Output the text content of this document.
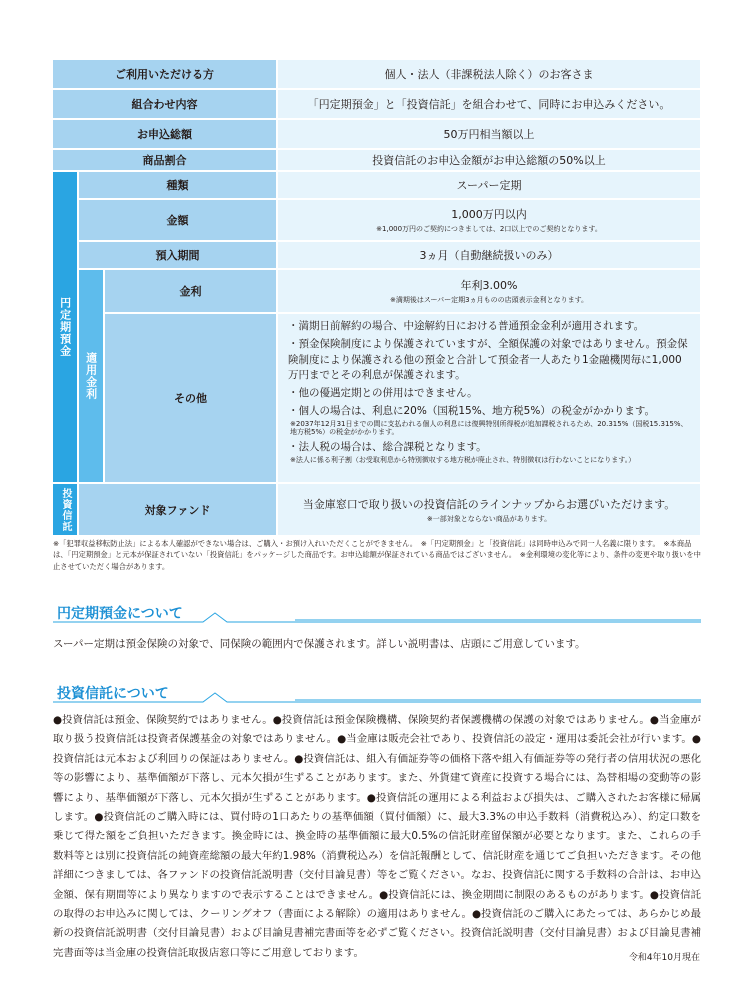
ご利用いただける方	個人・法人（非課税法人除く）のお客さま
組合わせ内容	「円定期預金」と「投資信託」を組合わせて、同時にお申込みください。
お申込総額	50万円相当額以上
商品割合	投資信託のお申込金額がお申込総額の50%以上
円定期預金
種類	スーパー定期
金額	1,000万円以内
※1,000万円のご契約につきましては、2口以上でのご契約となります。
預入期間	3ヵ月（自動継続扱いのみ）
適用金利
金利	年利3.00%
※満期後はスーパー定期3ヵ月ものの店頭表示金利となります。
その他

・満期日前解約の場合、中途解約日における普通預金金利が適用されます。

・預金保険制度により保護されていますが、全額保護の対象ではありません。預金保険制度により保護される他の預金と合計して預金者一人あたり1金融機関毎に1,000万円までとその利息が保護されます。

・他の優遇定期との併用はできません。

・個人の場合は、利息に20%（国税15%、地方税5%）の税金がかかります。

※2037年12月31日までの間に支払われる個人の利息には復興特別所得税が追加課税されるため、20.315%（国税15.315%、地方税5%）の税金がかかります。

・法人税の場合は、総合課税となります。

※法人に係る利子割（お受取利息から特別徴収する地方税が廃止され、特別徴収は行わないことになります。）

投資信託	対象ファンド	当金庫窓口で取り扱いの投資信託のラインナップからお選びいただけます。
※一部対象とならない商品があります。
※「犯罪収益移転防止法」による本人確認ができない場合は、ご購入・お預け入れいただくことができません。　※「円定期預金」と「投資信託」は同時申込みで同一人名義に限ります。　※本商品は、「円定期預金」と元本が保証されていない「投資信託」をパッケージした商品です。お申込総額が保証されている商品ではございません。　※金利環境の変化等により、条件の変更や取り扱いを中止させていただく場合があります。
円定期預金について
スーパー定期は預金保険の対象で、同保険の範囲内で保護されます。詳しい説明書は、店頭にご用意しています。
投資信託について
●投資信託は預金、保険契約ではありません。●投資信託は預金保険機構、保険契約者保護機構の保護の対象ではありません。●当金庫が取り扱う投資信託は投資者保護基金の対象ではありません。●当金庫は販売会社であり、投資信託の設定・運用は委託会社が行います。●投資信託は元本および利回りの保証はありません。●投資信託は、組入有価証券等の価格下落や組入有価証券等の発行者の信用状況の悪化等の影響により、基準価額が下落し、元本欠損が生ずることがあります。また、外貨建て資産に投資する場合には、為替相場の変動等の影響により、基準価額が下落し、元本欠損が生ずることがあります。●投資信託の運用による利益および損失は、ご購入されたお客様に帰属します。●投資信託のご購入時には、買付時の1口あたりの基準価額（買付価額）に、最大3.3%の申込手数料（消費税込み）、約定口数を乗じて得た額をご負担いただきます。換金時には、換金時の基準価額に最大0.5%の信託財産留保額が必要となります。また、これらの手数料等とは別に投資信託の純資産総額の最大年約1.98%（消費税込み）を信託報酬として、信託財産を通じてご負担いただきます。その他詳細につきましては、各ファンドの投資信託説明書（交付目論見書）等をご覧ください。なお、投資信託に関する手数料の合計は、お申込金額、保有期間等により異なりますので表示することはできません。●投資信託には、換金期間に制限のあるものがあります。●投資信託の取得のお申込みに関しては、クーリングオフ（書面による解除）の適用はありません。●投資信託のご購入にあたっては、あらかじめ最新の投資信託説明書（交付目論見書）および目論見書補完書面等を必ずご覧ください。投資信託説明書（交付目論見書）および目論見書補完書面等は当金庫の投資信託取扱店窓口等にご用意しております。	令和4年10月現在
